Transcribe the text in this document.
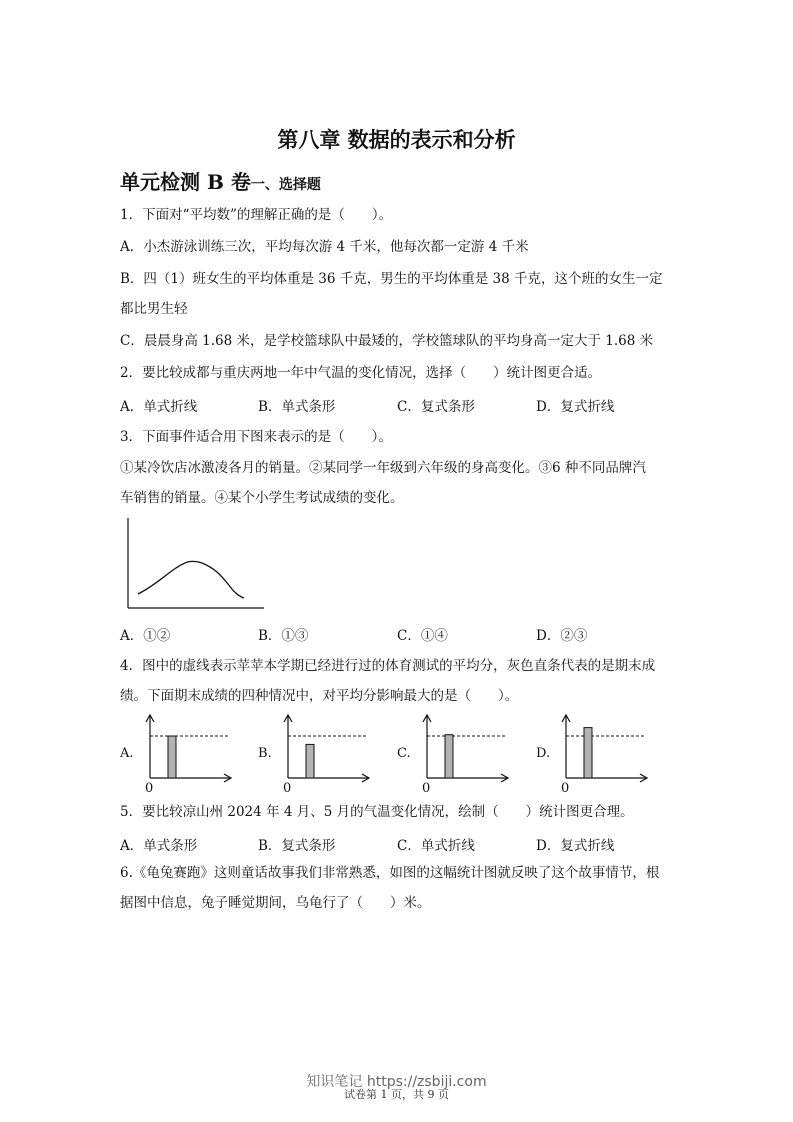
第八章 数据的表示和分析
单元检测 B 卷一、选择题
1．下面对“平均数”的理解正确的是（　　）。
A．小杰游泳训练三次，平均每次游 4 千米，他每次都一定游 4 千米
B．四（1）班女生的平均体重是 36 千克，男生的平均体重是 38 千克，这个班的女生一定
都比男生轻
C．晨晨身高 1.68 米，是学校篮球队中最矮的，学校篮球队的平均身高一定大于 1.68 米
2．要比较成都与重庆两地一年中气温的变化情况，选择（　　）统计图更合适。
A．单式折线	B．单式条形	C．复式条形	D．复式折线
3．下面事件适合用下图来表示的是（　　）。
①某冷饮店冰激凌各月的销量。②某同学一年级到六年级的身高变化。③6 种不同品牌汽
车销售的销量。④某个小学生考试成绩的变化。
A．①②	B．①③	C．①④	D．②③
4．图中的虚线表示苹苹本学期已经进行过的体育测试的平均分，灰色直条代表的是期末成
绩。下面期末成绩的四种情况中，对平均分影响最大的是（　　）。
A.
0
B.
0
C.
0
D.
0
5．要比较凉山州 2024 年 4 月、5 月的气温变化情况，绘制（　　）统计图更合理。
A．单式条形	B．复式条形	C．单式折线	D．复式折线
6.《龟兔赛跑》这则童话故事我们非常熟悉，如图的这幅统计图就反映了这个故事情节，根
据图中信息，兔子睡觉期间，乌龟行了（　　）米。
知识笔记 https://zsbiji.com
试卷第 1 页，共 9 页
